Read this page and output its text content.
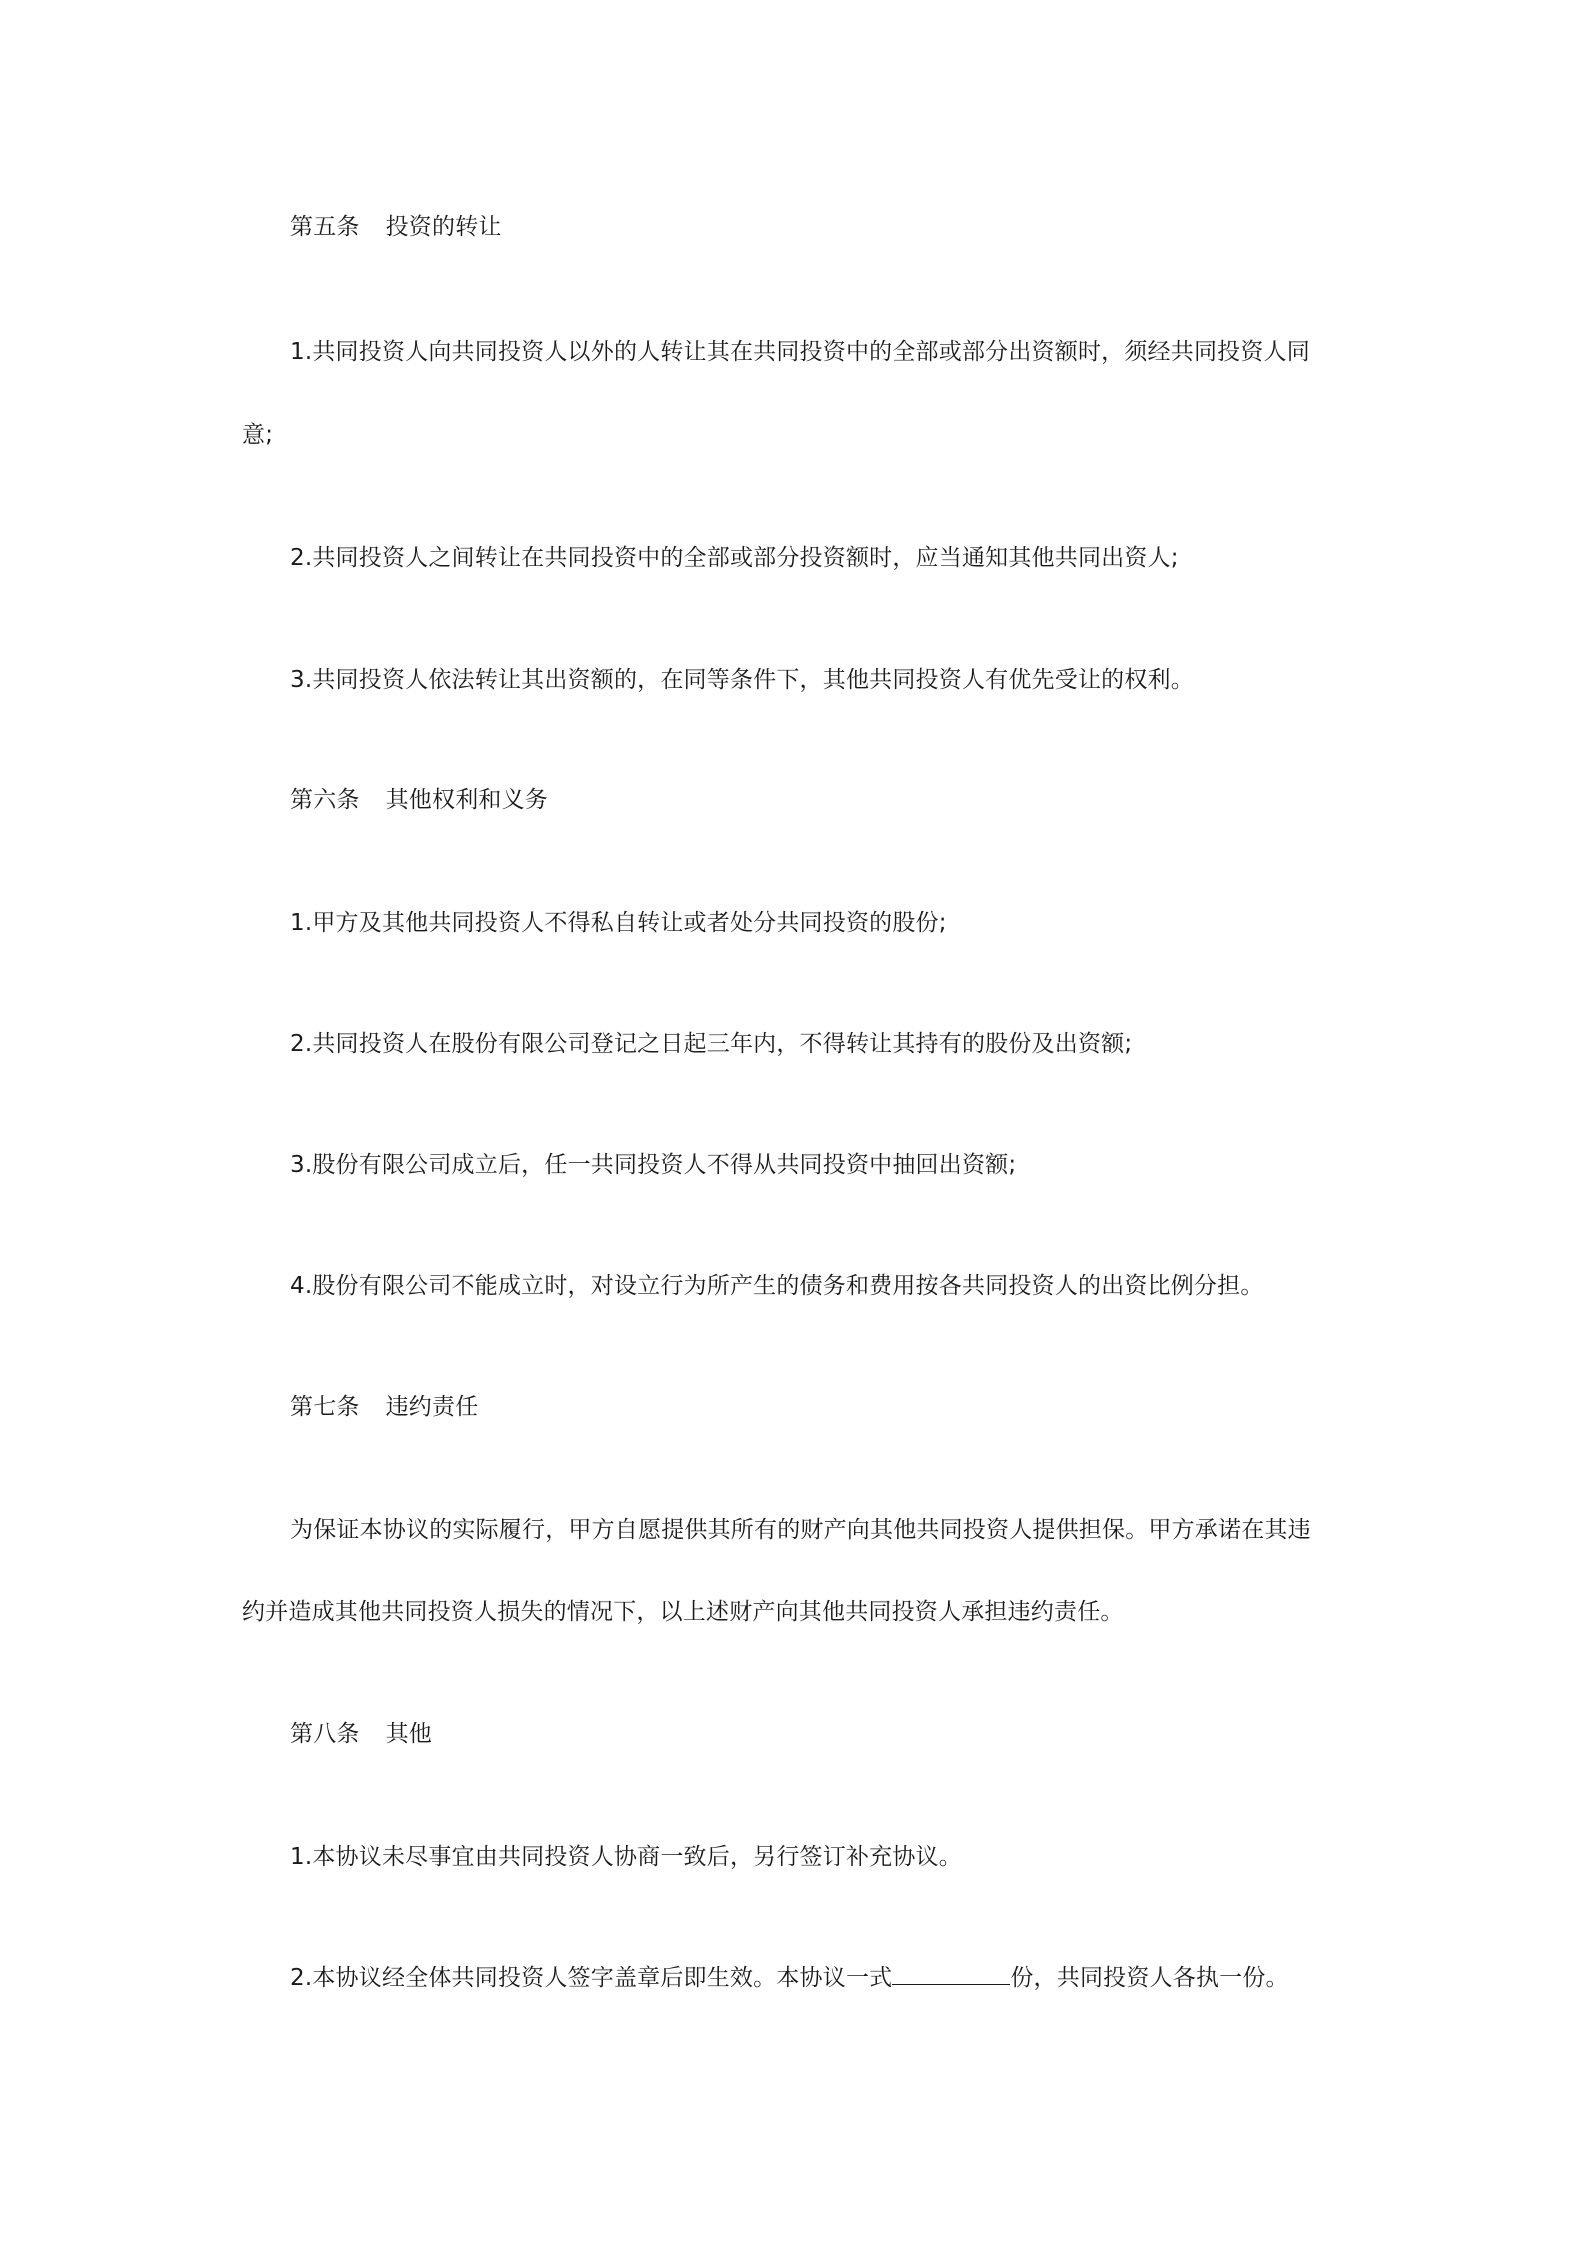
第五条 投资的转让
1.共同投资人向共同投资人以外的人转让其在共同投资中的全部或部分出资额时，须经共同投资人同
意;
2.共同投资人之间转让在共同投资中的全部或部分投资额时，应当通知其他共同出资人;
3.共同投资人依法转让其出资额的，在同等条件下，其他共同投资人有优先受让的权利。
第六条 其他权利和义务
1.甲方及其他共同投资人不得私自转让或者处分共同投资的股份;
2.共同投资人在股份有限公司登记之日起三年内，不得转让其持有的股份及出资额;
3.股份有限公司成立后，任一共同投资人不得从共同投资中抽回出资额;
4.股份有限公司不能成立时，对设立行为所产生的债务和费用按各共同投资人的出资比例分担。
第七条 违约责任
为保证本协议的实际履行，甲方自愿提供其所有的财产向其他共同投资人提供担保。甲方承诺在其违
约并造成其他共同投资人损失的情况下，以上述财产向其他共同投资人承担违约责任。
第八条 其他
1.本协议未尽事宜由共同投资人协商一致后，另行签订补充协议。
2.本协议经全体共同投资人签字盖章后即生效。本协议一式	份，共同投资人各执一份。
